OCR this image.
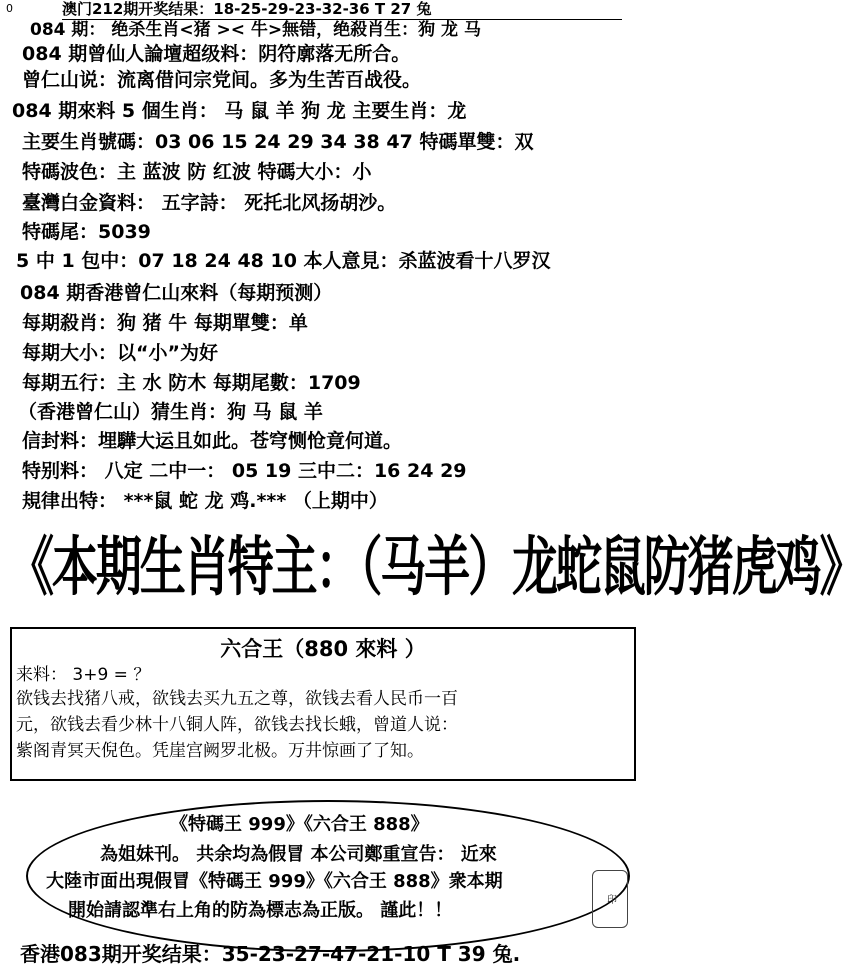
0	澳门212期开奖结果：18-25-29-23-32-36 T 27 兔
084 期： 绝杀生肖<猪 >< 牛>無错，绝殺肖生：狗 龙 马
084 期曾仙人論壇超级料：阴符廓落无所合。
曾仁山说：流离借问宗党间。多为生苦百战役。
084 期來料 5 個生肖： 马 鼠 羊 狗 龙 主要生肖：龙
主要生肖號碼：03 06 15 24 29 34 38 47 特碼單雙：双
特碼波色：主 蓝波 防 红波 特碼大小：小
臺灣白金資料： 五字詩： 死托北风扬胡沙。
特碼尾：5039
5 中 1 包中：07 18 24 48 10 本人意見：杀蓝波看十八罗汉
084 期香港曾仁山來料（每期预测）
每期殺肖：狗 猪 牛 每期單雙：单
每期大小：以“小”为好
每期五行：主 水 防木 每期尾數：1709
（香港曾仁山）猜生肖：狗 马 鼠 羊
信封料：埋驊大运且如此。苍穹恻怆竟何道。
特别料： 八定 二中一： 05 19 三中二：16 24 29
規律出特： ***鼠 蛇 龙 鸡.*** （上期中）
《本期生肖特主：（马羊）龙蛇鼠防猪虎鸡》
六合王（880 來料 ）
来料： 3+9 = ？
欲钱去找猪八戒，欲钱去买九五之尊，欲钱去看人民币一百
元，欲钱去看少林十八铜人阵，欲钱去找长蛾，曾道人说：
紫阁青冥天倪色。凭崖宫阙罗北极。万井惊画了了知。
《特碼王 999》《六合王 888》
為姐妹刊。 共余均為假冒 本公司鄭重宣告： 近來
大陸市面出現假冒《特碼王 999》《六合王 888》衆本期
開始請認準右上角的防為標志為正版。 謹此！！
印
香港083期开奖结果：35-23-27-47-21-10 T 39 兔.
